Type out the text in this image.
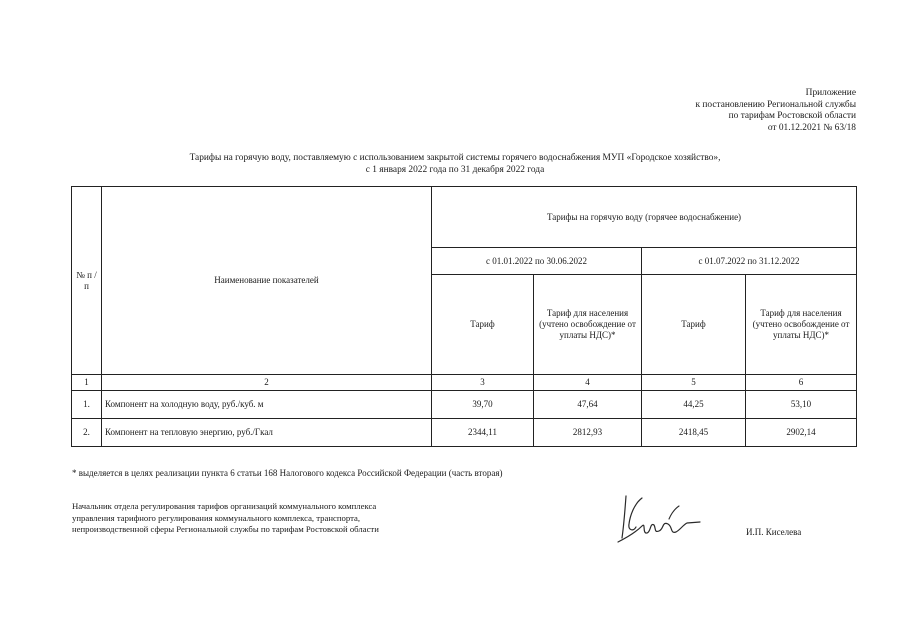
Приложение
к постановлению Региональной службы
по тарифам Ростовской области
от 01.12.2021 № 63/18
Тарифы на горячую воду, поставляемую с использованием закрытой системы горячего водоснабжения МУП «Городское хозяйство»,
с 1 января 2022 года по 31 декабря 2022 года
№ п /п	Наименование показателей	Тарифы на горячую воду (горячее водоснабжение)			
		с 01.01.2022 по 30.06.2022		с 01.07.2022 по 31.12.2022	
		Тариф	Тариф для населения (учтено освобождение от уплаты НДС)*	Тариф	Тариф для населения (учтено освобождение от уплаты НДС)*
1	2	3	4	5	6
1.	Компонент на холодную воду, руб./куб. м	39,70	47,64	44,25	53,10
2.	Компонент на тепловую энергию, руб./Гкал	2344,11	2812,93	2418,45	2902,14
* выделяется в целях реализации пункта 6 статьи 168 Налогового кодекса Российской Федерации (часть вторая)
Начальник отдела регулирования тарифов организаций коммунального комплекса
управления тарифного регулирования коммунального комплекса, транспорта,
непроизводственной сферы Региональной службы по тарифам Ростовской области	И.П. Киселева
